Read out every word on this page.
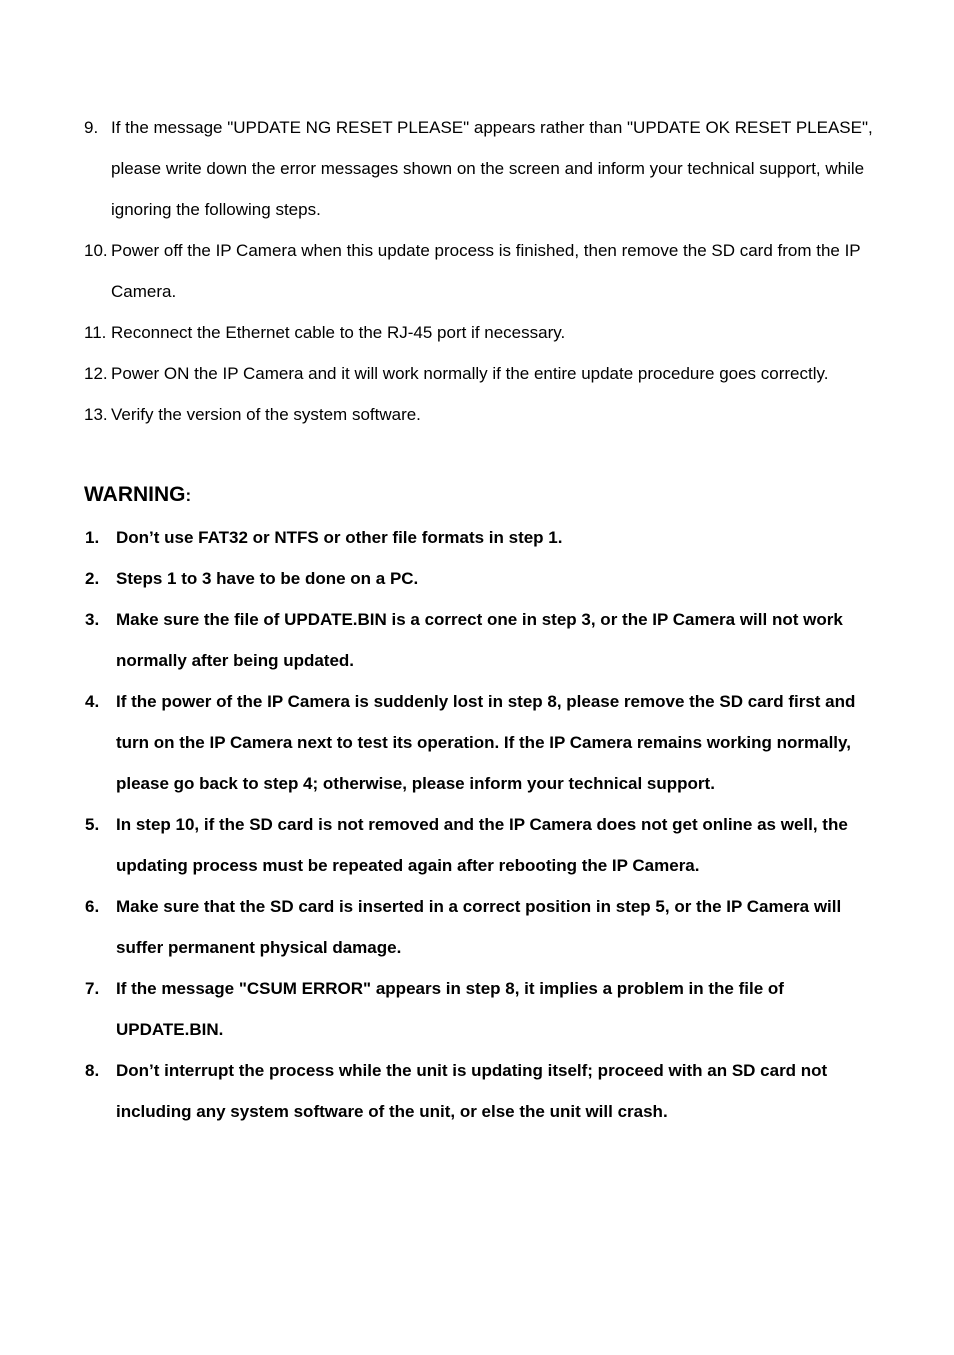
9. If the message "UPDATE NG RESET PLEASE" appears rather than "UPDATE OK RESET PLEASE", please write down the error messages shown on the screen and inform your technical support, while ignoring the following steps.
10. Power off the IP Camera when this update process is finished, then remove the SD card from the IP Camera.
11. Reconnect the Ethernet cable to the RJ-45 port if necessary.
12. Power ON the IP Camera and it will work normally if the entire update procedure goes correctly.
13. Verify the version of the system software.
WARNING:
1. Don’t use FAT32 or NTFS or other file formats in step 1.
2. Steps 1 to 3 have to be done on a PC.
3. Make sure the file of UPDATE.BIN is a correct one in step 3, or the IP Camera will not work normally after being updated.
4. If the power of the IP Camera is suddenly lost in step 8, please remove the SD card first and turn on the IP Camera next to test its operation. If the IP Camera remains working normally, please go back to step 4; otherwise, please inform your technical support.
5. In step 10, if the SD card is not removed and the IP Camera does not get online as well, the updating process must be repeated again after rebooting the IP Camera.
6. Make sure that the SD card is inserted in a correct position in step 5, or the IP Camera will suffer permanent physical damage.
7. If the message "CSUM ERROR" appears in step 8, it implies a problem in the file of UPDATE.BIN.
8. Don’t interrupt the process while the unit is updating itself; proceed with an SD card not including any system software of the unit, or else the unit will crash.
